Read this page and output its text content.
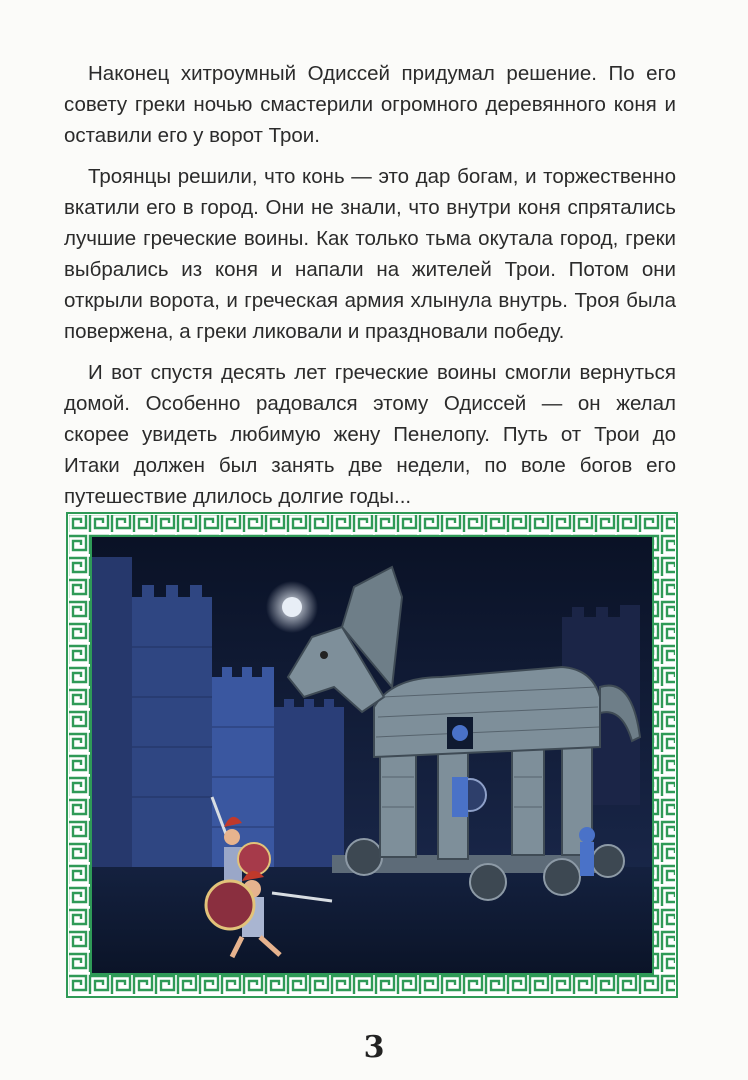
Наконец хитроумный Одиссей придумал решение. По его совету греки ночью смастерили огромного деревянного коня и оставили его у ворот Трои.

Троянцы решили, что конь — это дар богам, и торжественно вкатили его в город. Они не знали, что внутри коня спрятались лучшие греческие воины. Как только тьма окутала город, греки выбрались из коня и напали на жителей Трои. Потом они открыли ворота, и греческая армия хлынула внутрь. Троя была повержена, а греки ликовали и праздновали победу.

И вот спустя десять лет греческие воины смогли вернуться домой. Особенно радовался этому Одиссей — он желал скорее увидеть любимую жену Пенелопу. Путь от Трои до Итаки должен был занять две недели, по воле богов его путешествие длилось долгие годы...

3
